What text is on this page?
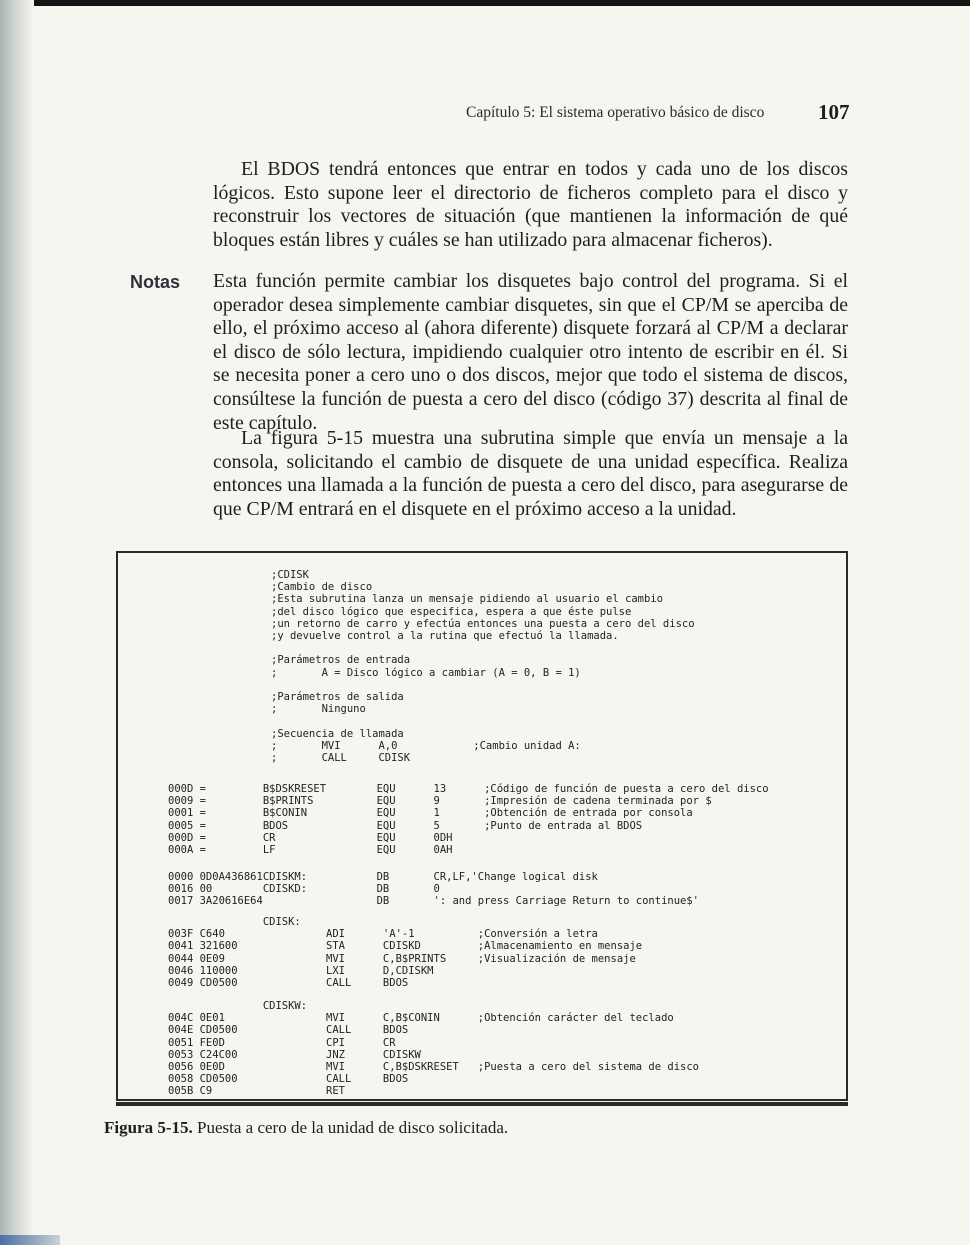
Capítulo 5: El sistema operativo básico de disco	107

El BDOS tendrá entonces que entrar en todos y cada uno de los discos lógicos. Esto supone leer el directorio de ficheros completo para el disco y reconstruir los vectores de situación (que mantienen la información de qué bloques están libres y cuáles se han utilizado para almacenar ficheros).

Notas Esta función permite cambiar los disquetes bajo control del programa. Si el operador desea simplemente cambiar disquetes, sin que el CP/M se aperciba de ello, el próximo acceso al (ahora diferente) disquete forzará al CP/M a declarar el disco de sólo lectura, impidiendo cualquier otro intento de escribir en él. Si se necesita poner a cero uno o dos discos, mejor que todo el sistema de discos, consúltese la función de puesta a cero del disco (código 37) descrita al final de este capítulo.

La figura 5-15 muestra una subrutina simple que envía un mensaje a la consola, solicitando el cambio de disquete de una unidad específica. Realiza entonces una llamada a la función de puesta a cero del disco, para asegurarse de que CP/M entrará en el disquete en el próximo acceso a la unidad.

;CDISK
;Cambio de disco
;Esta subrutina lanza un mensaje pidiendo al usuario el cambio
;del disco lógico que especifica, espera a que éste pulse
;un retorno de carro y efectúa entonces una puesta a cero del disco
;y devuelve control a la rutina que efectuó la llamada.

;Parámetros de entrada
;       A = Disco lógico a cambiar (A = 0, B = 1)

;Parámetros de salida
;       Ninguno

;Secuencia de llamada
;       MVI      A,0            ;Cambio unidad A:
;       CALL     CDISK
000D =         B$DSKRESET        EQU      13      ;Código de función de puesta a cero del disco
0009 =         B$PRINTS          EQU      9       ;Impresión de cadena terminada por $
0001 =         B$CONIN           EQU      1       ;Obtención de entrada por consola
0005 =         BDOS              EQU      5       ;Punto de entrada al BDOS
000D =         CR                EQU      0DH
000A =         LF                EQU      0AH
0000 0D0A436861CDISKM:           DB       CR,LF,'Change logical disk
0016 00        CDISKD:           DB       0
0017 3A20616E64                  DB       ': and press Carriage Return to continue$'
CDISK:
003F C640                ADI      'A'-1          ;Conversión a letra
0041 321600              STA      CDISKD         ;Almacenamiento en mensaje
0044 0E09                MVI      C,B$PRINTS     ;Visualización de mensaje
0046 110000              LXI      D,CDISKM
0049 CD0500              CALL     BDOS
CDISKW:
004C 0E01                MVI      C,B$CONIN      ;Obtención carácter del teclado
004E CD0500              CALL     BDOS
0051 FE0D                CPI      CR
0053 C24C00              JNZ      CDISKW
0056 0E0D                MVI      C,B$DSKRESET   ;Puesta a cero del sistema de disco
0058 CD0500              CALL     BDOS
005B C9                  RET
Figura 5-15. Puesta a cero de la unidad de disco solicitada.
